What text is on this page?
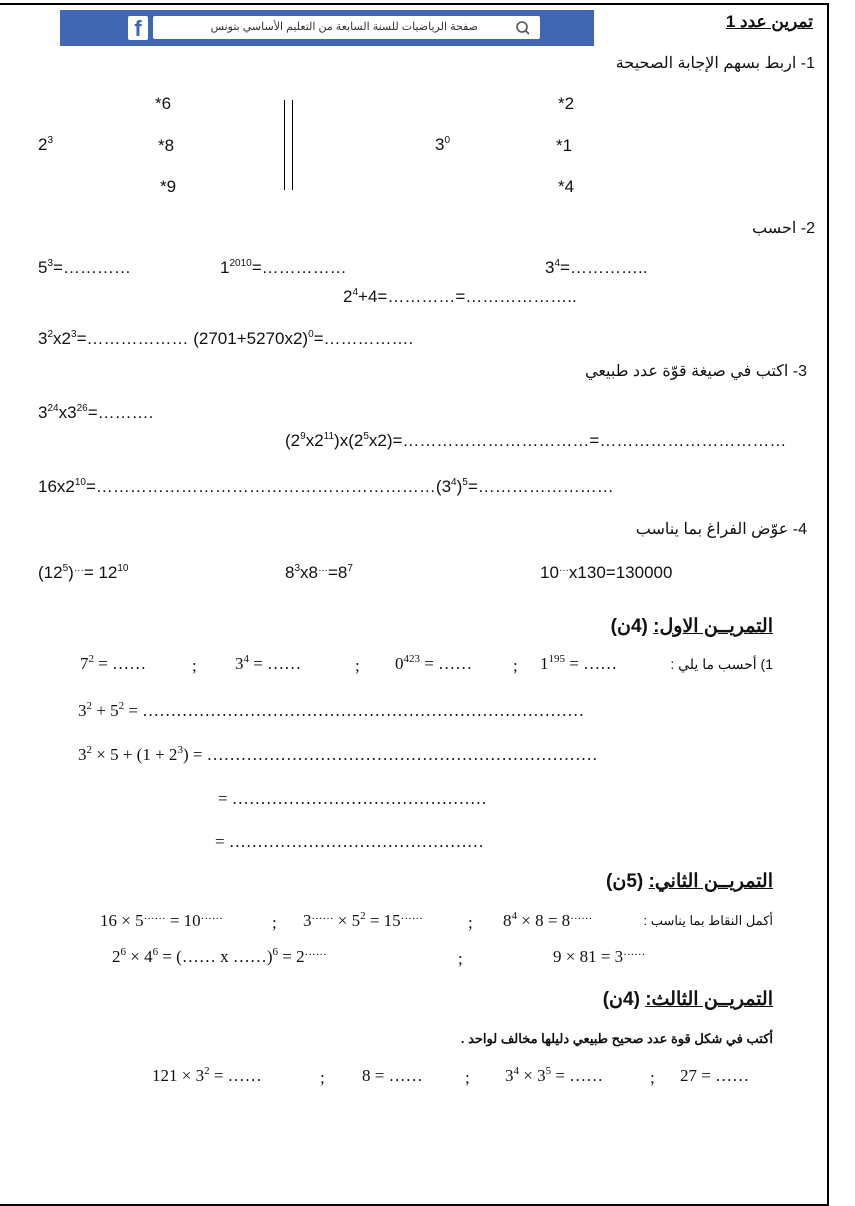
تمرين عدد 1
f	صفحة الرياضيات للسنة السابعة من التعليم الأساسي بتونس
1- اربط بسهم الإجابة الصحيحة
*6
*8
*9
$2^3$	$3^0$
*2
*1
*4
2- احسب
$5^3=\dots\dots\dots\dots$	$1^{2010}=\dots\dots\dots\dots\dots$	$3^4=\dots\dots\dots\dots$..
$2^4+4=\dots\dots\dots\dots=\dots\dots\dots\dots\dots\dots$..
$3^2x2^3=\dots\dots\dots\dots\dots\dots$ $(2701+5270x2)^0=\dots\dots\dots\dots\dots$.
3- اكتب في صيغة قوّة عدد طبيعي
$3^{24}x3^{26}=\dots\dots\dots$.
$(2^9x2^{11})x(2^5x2)=\dots\dots\dots\dots\dots\dots\dots\dots\dots\dots\dots=\dots\dots\dots\dots\dots\dots\dots\dots\dots\dots\dots$
$16x2^{10}=\dots\dots\dots\dots\dots\dots\dots\dots\dots\dots\dots\dots\dots\dots\dots\dots\dots\dots\dots\dots(3^4)^5=\dots\dots\dots\dots\dots\dots\dots\dots$
4- عوّض الفراغ بما يناسب
$(12^5)^\dots= 12^{10}$	$8^3x8^\dots=8^7$	10…x130=130000
التمريــن الاول: (4ن)
1) أحسب ما يلي :
$1^{195}$ = ……
;
$0^{423}$ = ……
;
$3^4$ = ……
;
$7^2$ = ……
$3^2 + 5^2$ = ……………………………………………………………………
$3^2 \times 5 + (1 + 2^3)$ = ……………………………………………………………
= ………………………………………
= ………………………………………
التمريــن الثاني: (5ن)
أكمل النقاط بما يناسب :
$8^4 \times 8 = 8^{\dots\dots}$
;
$3^{\dots\dots} \times 5^2 = 15^{\dots\dots}$
;
16 × 5…… = 10……
$2^6 \times 4^6$ = (…… x ……)$^6$ = 2……	;	9 × 81 = 3……
التمريــن الثالث: (4ن)
أكتب في شكل قوة عدد صحيح طبيعي دليلها مخالف لواحد .
$121 \times 3^2$ = ……	; 8 = …… ; $3^4 \times 3^5$ = ……	; 27 = ……
